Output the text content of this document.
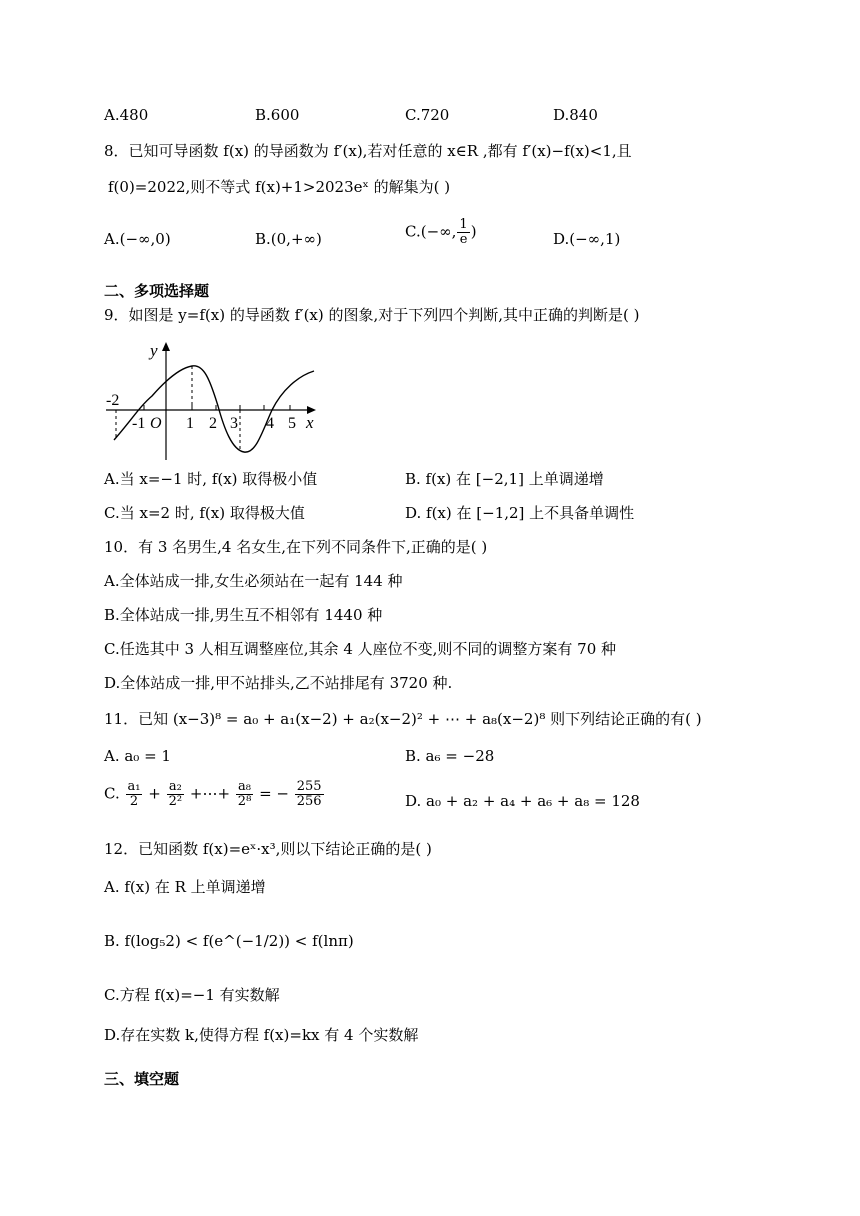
A.480	B.600	C.720	D.840
8．已知可导函数 f(x) 的导函数为 f′(x),若对任意的 x∈R ,都有 f′(x)−f(x)<1,且
f(0)=2022,则不等式 f(x)+1>2023eˣ 的解集为( )
A.(−∞,0)	B.(0,+∞)	C.(−∞, $\frac{1}{e}$ )	D.(−∞,1)
二、多项选择题
9．如图是 y=f(x) 的导函数 f′(x) 的图象,对于下列四个判断,其中正确的判断是( )
y
x
-2
-1 O 1 2 3 4 5
A.当 x=−1 时, f(x) 取得极小值	B. f(x) 在 [−2,1] 上单调递增
C.当 x=2 时, f(x) 取得极大值	D. f(x) 在 [−1,2] 上不具备单调性
10．有 3 名男生,4 名女生,在下列不同条件下,正确的是( )
A.全体站成一排,女生必须站在一起有 144 种
B.全体站成一排,男生互不相邻有 1440 种
C.任选其中 3 人相互调整座位,其余 4 人座位不变,则不同的调整方案有 70 种
D.全体站成一排,甲不站排头,乙不站排尾有 3720 种.
11．已知 (x−3)⁸ = a₀ + a₁(x−2) + a₂(x−2)² + ⋯ + a₈(x−2)⁸ 则下列结论正确的有( )
A. a₀ = 1	B. a₆ = −28
C. $\frac{\text{a₁}}{2} + \frac{\text{a₂}}{\text{2²}}$ +⋯+ $\frac{\text{a₈}}{\text{2⁸}}$ = − $\frac{255}{256}$	D. a₀ + a₂ + a₄ + a₆ + a₈ = 128
12．已知函数 f(x)=eˣ·x³,则以下结论正确的是( )
A. f(x) 在 R 上单调递增
B. f(log₅2) < f(e^(−1/2)) < f(lnπ)
C.方程 f(x)=−1 有实数解
D.存在实数 k,使得方程 f(x)=kx 有 4 个实数解
三、填空题
